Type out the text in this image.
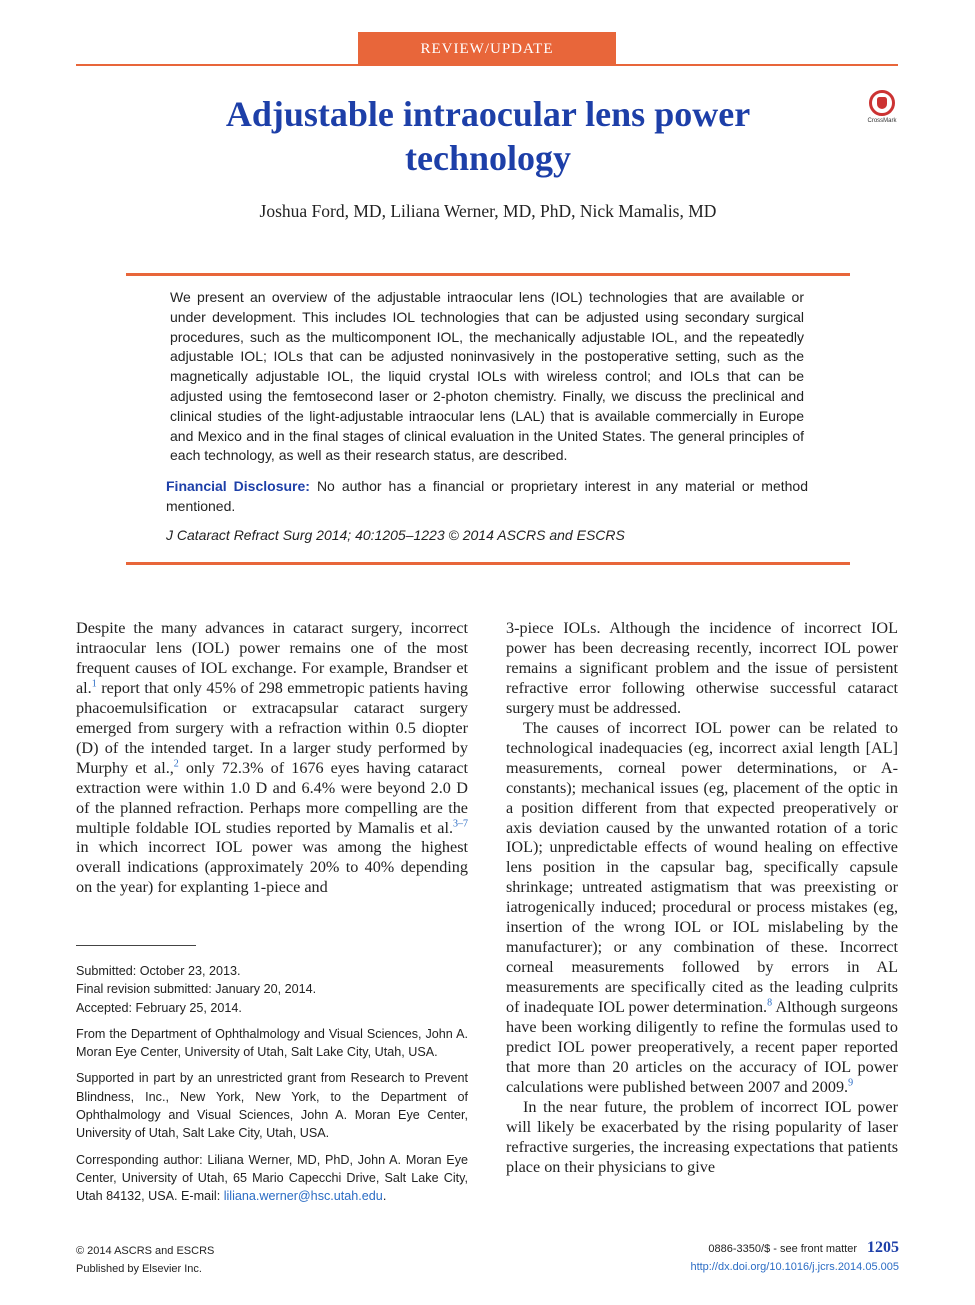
REVIEW/UPDATE
CrossMark
Adjustable intraocular lens power technology
Joshua Ford, MD, Liliana Werner, MD, PhD, Nick Mamalis, MD
We present an overview of the adjustable intraocular lens (IOL) technologies that are available or under development. This includes IOL technologies that can be adjusted using secondary surgical procedures, such as the multicomponent IOL, the mechanically adjustable IOL, and the repeatedly adjustable IOL; IOLs that can be adjusted noninvasively in the postoperative setting, such as the magnetically adjustable IOL, the liquid crystal IOLs with wireless control; and IOLs that can be adjusted using the femtosecond laser or 2-photon chemistry. Finally, we discuss the preclinical and clinical studies of the light-adjustable intraocular lens (LAL) that is available commercially in Europe and Mexico and in the final stages of clinical evaluation in the United States. The general principles of each technology, as well as their research status, are described.
Financial Disclosure: No author has a financial or proprietary interest in any material or method mentioned.
J Cataract Refract Surg 2014; 40:1205–1223 © 2014 ASCRS and ESCRS

Despite the many advances in cataract surgery, incorrect intraocular lens (IOL) power remains one of the most frequent causes of IOL exchange. For example, Brandser et al.$^1$ report that only 45% of 298 emmetropic patients having phacoemulsification or extracapsular cataract surgery emerged from surgery with a refraction within 0.5 diopter (D) of the intended target. In a larger study performed by Murphy et al.,$^2$ only 72.3% of 1676 eyes having cataract extraction were within 1.0 D and 6.4% were beyond 2.0 D of the planned refraction. Perhaps more compelling are the multiple foldable IOL studies reported by Mamalis et al.$^{3-7}$ in which incorrect IOL power was among the highest overall indications (approximately 20% to 40% depending on the year) for explanting 1-piece and

Submitted: October 23, 2013.
Final revision submitted: January 20, 2014.
Accepted: February 25, 2014.
From the Department of Ophthalmology and Visual Sciences, John A. Moran Eye Center, University of Utah, Salt Lake City, Utah, USA.
Supported in part by an unrestricted grant from Research to Prevent Blindness, Inc., New York, New York, to the Department of Ophthalmology and Visual Sciences, John A. Moran Eye Center, University of Utah, Salt Lake City, Utah, USA.
Corresponding author: Liliana Werner, MD, PhD, John A. Moran Eye Center, University of Utah, 65 Mario Capecchi Drive, Salt Lake City, Utah 84132, USA. E-mail: liliana.werner@hsc.utah.edu.

3-piece IOLs. Although the incidence of incorrect IOL power has been decreasing recently, incorrect IOL power remains a significant problem and the issue of persistent refractive error following otherwise successful cataract surgery must be addressed.

The causes of incorrect IOL power can be related to technological inadequacies (eg, incorrect axial length [AL] measurements, corneal power determinations, or A-constants); mechanical issues (eg, placement of the optic in a position different from that expected preoperatively or axis deviation caused by the unwanted rotation of a toric IOL); unpredictable effects of wound healing on effective lens position in the capsular bag, specifically capsule shrinkage; untreated astigmatism that was preexisting or iatrogenically induced; procedural or process mistakes (eg, insertion of the wrong IOL or IOL mislabeling by the manufacturer); or any combination of these. Incorrect corneal measurements followed by errors in AL measurements are specifically cited as the leading culprits of inadequate IOL power determination.$^8$ Although surgeons have been working diligently to refine the formulas used to predict IOL power preoperatively, a recent paper reported that more than 20 articles on the accuracy of IOL power calculations were published between 2007 and 2009.$^9$

In the near future, the problem of incorrect IOL power will likely be exacerbated by the rising popularity of laser refractive surgeries, the increasing expectations that patients place on their physicians to give

© 2014 ASCRS and ESCRS
Published by Elsevier Inc.
0886-3350/$ - see front matter 1205
http://dx.doi.org/10.1016/j.jcrs.2014.05.005
